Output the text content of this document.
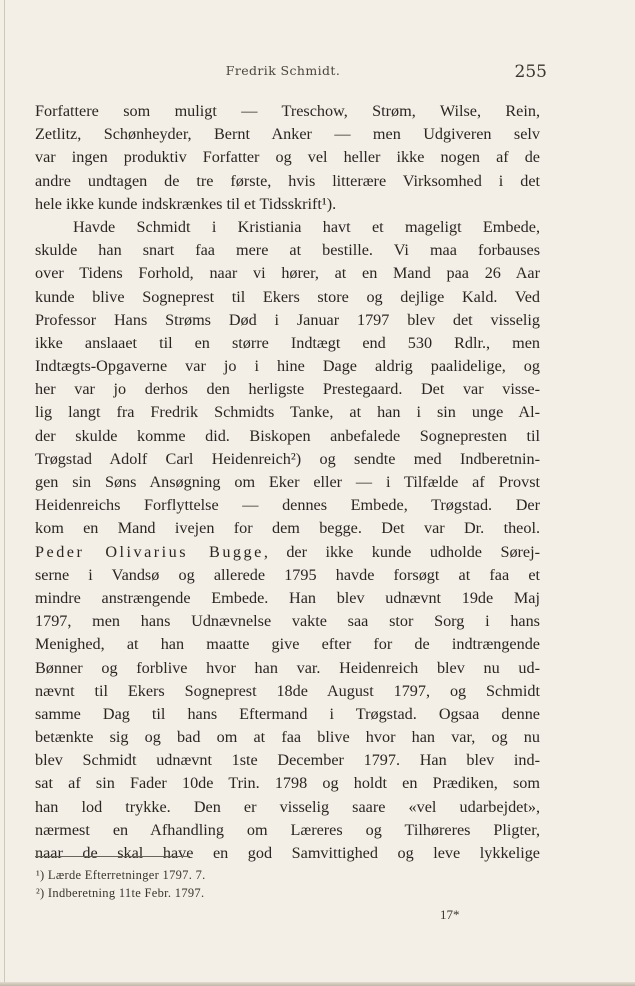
Fredrik Schmidt.	255
Forfattere som muligt — Treschow, Strøm, Wilse, Rein,
Zetlitz, Schønheyder, Bernt Anker — men Udgiveren selv
var ingen produktiv Forfatter og vel heller ikke nogen af de
andre undtagen de tre første, hvis litterære Virksomhed i det
hele ikke kunde indskrænkes til et Tidsskrift¹).
Havde Schmidt i Kristiania havt et mageligt Embede,
skulde han snart faa mere at bestille. Vi maa forbauses
over Tidens Forhold, naar vi hører, at en Mand paa 26 Aar
kunde blive Sogneprest til Ekers store og dejlige Kald. Ved
Professor Hans Strøms Død i Januar 1797 blev det visselig
ikke anslaaet til en større Indtægt end 530 Rdlr., men
Indtægts-Opgaverne var jo i hine Dage aldrig paalidelige, og
her var jo derhos den herligste Prestegaard. Det var visse-
lig langt fra Fredrik Schmidts Tanke, at han i sin unge Al-
der skulde komme did. Biskopen anbefalede Sognepresten til
Trøgstad Adolf Carl Heidenreich²) og sendte med Indberetnin-
gen sin Søns Ansøgning om Eker eller — i Tilfælde af Provst
Heidenreichs Forflyttelse — dennes Embede, Trøgstad. Der
kom en Mand ivejen for dem begge. Det var Dr. theol.
Peder Olivarius Bugge, der ikke kunde udholde Sørej-
serne i Vandsø og allerede 1795 havde forsøgt at faa et
mindre anstrængende Embede. Han blev udnævnt 19de Maj
1797, men hans Udnævnelse vakte saa stor Sorg i hans
Menighed, at han maatte give efter for de indtrængende
Bønner og forblive hvor han var. Heidenreich blev nu ud-
nævnt til Ekers Sogneprest 18de August 1797, og Schmidt
samme Dag til hans Eftermand i Trøgstad. Ogsaa denne
betænkte sig og bad om at faa blive hvor han var, og nu
blev Schmidt udnævnt 1ste December 1797. Han blev ind-
sat af sin Fader 10de Trin. 1798 og holdt en Prædiken, som
han lod trykke. Den er visselig saare «vel udarbejdet»,
nærmest en Afhandling om Læreres og Tilhøreres Pligter,
naar de skal have en god Samvittighed og leve lykkelige
¹) Lærde Efterretninger 1797. 7.
²) Indberetning 11te Febr. 1797.
17*
